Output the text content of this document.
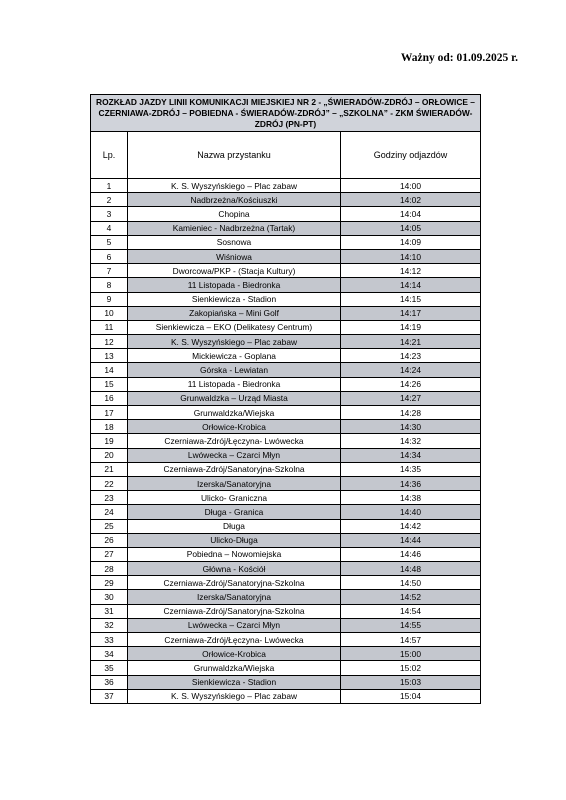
Ważny od: 01.09.2025 r.
ROZKŁAD JAZDY LINII KOMUNIKACJI MIEJSKIEJ NR 2 - „ŚWIERADÓW-ZDRÓJ – ORŁOWICE – CZERNIAWA-ZDRÓJ – POBIEDNA - ŚWIERADÓW-ZDRÓJ” – „SZKOLNA” - ZKM ŚWIERADÓW-ZDRÓJ (PN-PT)		
Lp.	Nazwa przystanku	Godziny odjazdów
1	K. S. Wyszyńskiego – Plac zabaw	14:00
2	Nadbrzeżna/Kościuszki	14:02
3	Chopina	14:04
4	Kamieniec - Nadbrzeżna (Tartak)	14:05
5	Sosnowa	14:09
6	Wiśniowa	14:10
7	Dworcowa/PKP - (Stacja Kultury)	14:12
8	11 Listopada - Biedronka	14:14
9	Sienkiewicza - Stadion	14:15
10	Zakopiańska – Mini Golf	14:17
11	Sienkiewicza – EKO (Delikatesy Centrum)	14:19
12	K. S. Wyszyńskiego – Plac zabaw	14:21
13	Mickiewicza - Goplana	14:23
14	Górska - Lewiatan	14:24
15	11 Listopada - Biedronka	14:26
16	Grunwaldzka – Urząd Miasta	14:27
17	Grunwaldzka/Wiejska	14:28
18	Orłowice-Krobica	14:30
19	Czerniawa-Zdrój/Łęczyna- Lwówecka	14:32
20	Lwówecka – Czarci Młyn	14:34
21	Czerniawa-Zdrój/Sanatoryjna-Szkolna	14:35
22	Izerska/Sanatoryjna	14:36
23	Ulicko- Graniczna	14:38
24	Długa - Granica	14:40
25	Długa	14:42
26	Ulicko-Długa	14:44
27	Pobiedna – Nowomiejska	14:46
28	Główna - Kościół	14:48
29	Czerniawa-Zdrój/Sanatoryjna-Szkolna	14:50
30	Izerska/Sanatoryjna	14:52
31	Czerniawa-Zdrój/Sanatoryjna-Szkolna	14:54
32	Lwówecka – Czarci Młyn	14:55
33	Czerniawa-Zdrój/Łęczyna- Lwówecka	14:57
34	Orłowice-Krobica	15:00
35	Grunwaldzka/Wiejska	15:02
36	Sienkiewicza - Stadion	15:03
37	K. S. Wyszyńskiego – Plac zabaw	15:04
